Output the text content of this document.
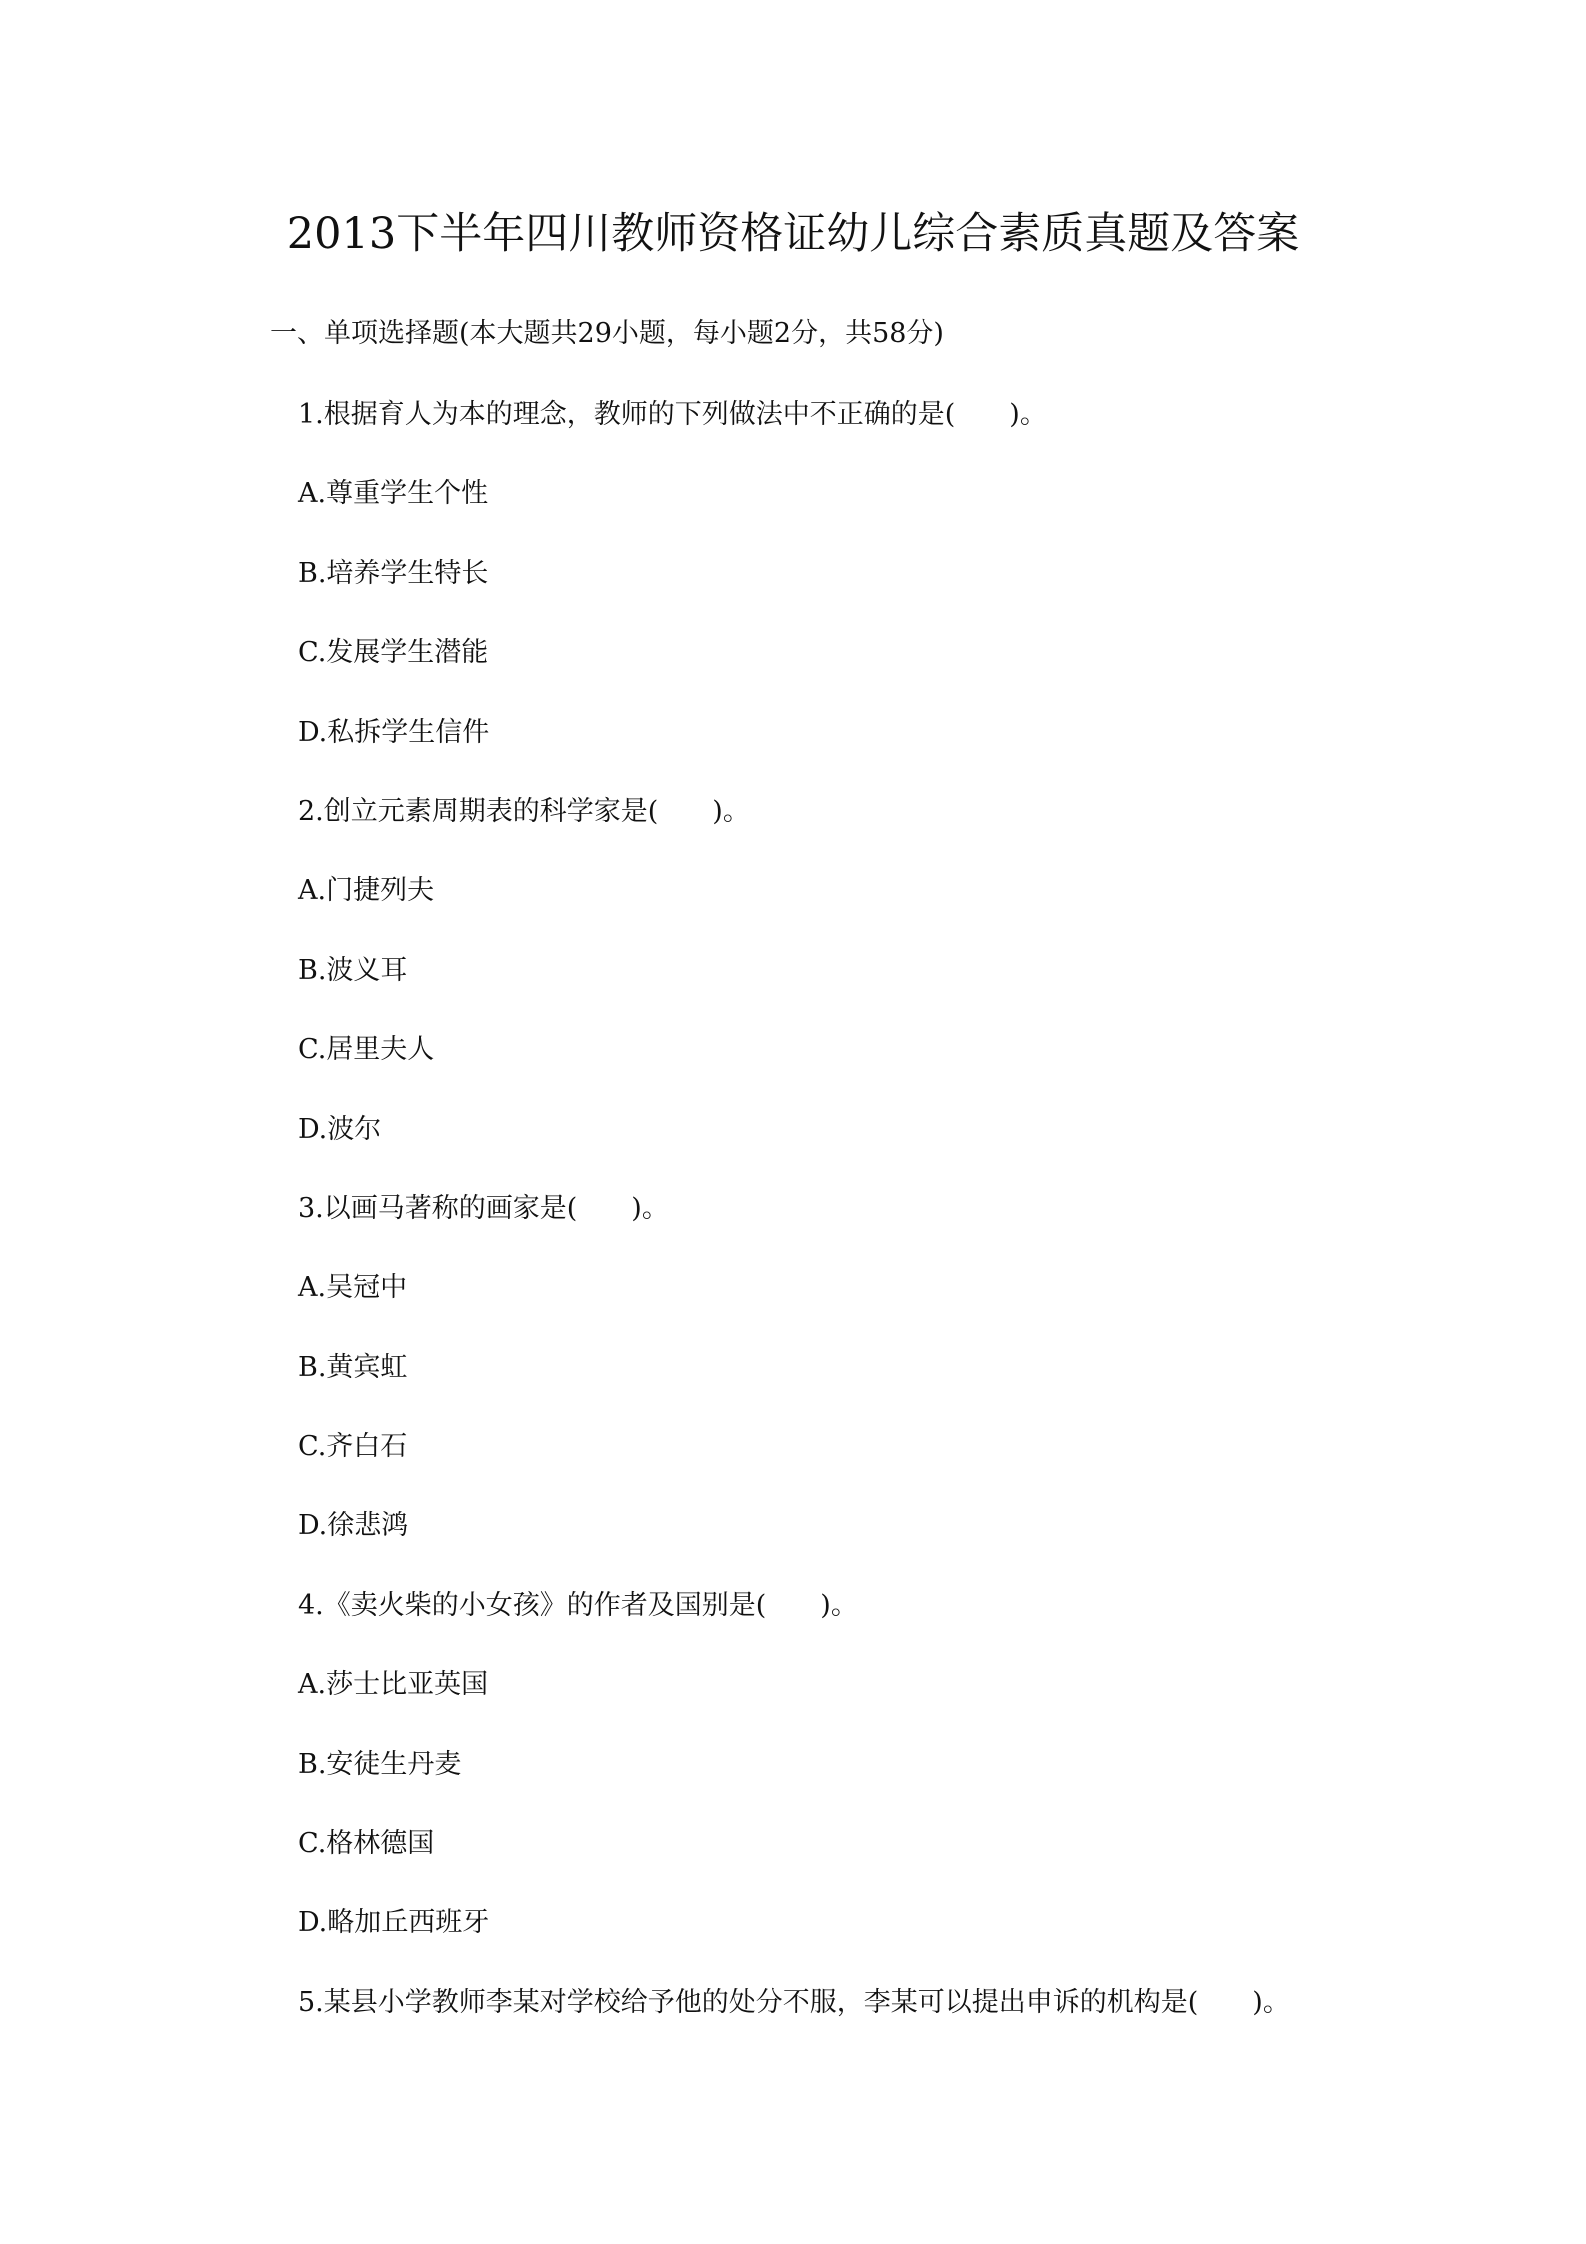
2013下半年四川教师资格证幼儿综合素质真题及答案
一、单项选择题(本大题共29小题，每小题2分，共58分)
1.根据育人为本的理念，教师的下列做法中不正确的是(　　)。
A.尊重学生个性
B.培养学生特长
C.发展学生潜能
D.私拆学生信件
2.创立元素周期表的科学家是(　　)。
A.门捷列夫
B.波义耳
C.居里夫人
D.波尔
3.以画马著称的画家是(　　)。
A.吴冠中
B.黄宾虹
C.齐白石
D.徐悲鸿
4.《卖火柴的小女孩》的作者及国别是(　　)。
A.莎士比亚英国
B.安徒生丹麦
C.格林德国
D.略加丘西班牙
5.某县小学教师李某对学校给予他的处分不服，李某可以提出申诉的机构是(　　)。
